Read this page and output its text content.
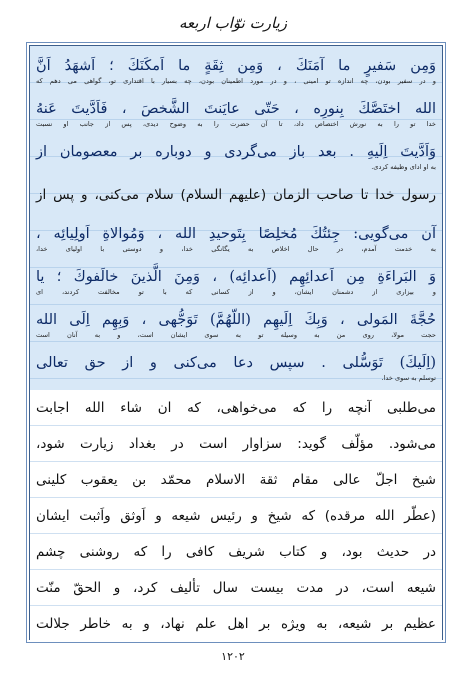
زیارت نوّاب اربعه
وَمِن سَفيرٍ ما آمَنَكَ ، وَمِن ثِقَةٍ ما اَمكَنَكَ ؛ اَشهَدُ اَنَّ
و در سفیر بودن، چه اندازه تو امینی ، و در مورد اطمینان بودن، چه بسیار با اقتداری تو، گواهی می دهم که
الله اختَصَّكَ بِنورِه ، حَتّى عايَنتَ الشَّخصَ ، فَاَدَّيتَ عَنهُ
خدا تو را به نورش اختصاص داد، تا آن حضرت را به وضوح دیدی، پس از جانب او نسبت
وَاَدَّيتَ اِلَيهِ . بعد باز می‌گردی و دوباره بر معصومان از
به او ادای وظیفه کردی.
رسول خدا تا صاحب الزمان (علیهم السلام) سلام می‌کنی، و پس از
آن می‌گویی: جِئتُكَ مُخلِصًا بِتَوحيدِ الله ، وَمُوالاةِ اَولِيائِه ،
به خدمت آمدم، در حال اخلاص به یگانگی خدا، و دوستی با اولیای خدا،
وَ البَراءَةِ مِن اَعدائِهِم (اَعدائِه) ، وَمِنَ الَّذينَ خالَفوكَ ؛ يا
و بیزاری از دشمنان ایشان، و از کسانی که با تو مخالفت کردند، ای
حُجَّةَ المَولى ، وَبِكَ اِلَيهِم (اللّهُمَّ) تَوَجُّهى ، وَبِهِم اِلَى الله
حجت مولا، روی من به وسیله تو به سوی ایشان است، و به آنان است
(اِلَيكَ) تَوَسُّلى . سپس دعا می‌کنی و از حق تعالی
توسلم به سوی خدا.
می‌طلبی آنچه را که می‌خواهی، که ان شاء الله اجابت
می‌شود. مؤلّف گوید: سزاوار است در بغداد زیارت شود،
شیخ اجلّ عالی مقام ثقة الاسلام محمّد بن یعقوب کلینی
(عطّر الله مرقده) که شیخ و رئیس شیعه و اَوثق واَثبت ایشان
در حدیث بود، و کتاب شریف کافی را که روشنی چشم
شیعه است، در مدت بیست سال تألیف کرد، و الحقّ منّت
عظیم بر شیعه، به ویژه بر اهل علم نهاد، و به خاطر جلالت
۱۲۰۲
